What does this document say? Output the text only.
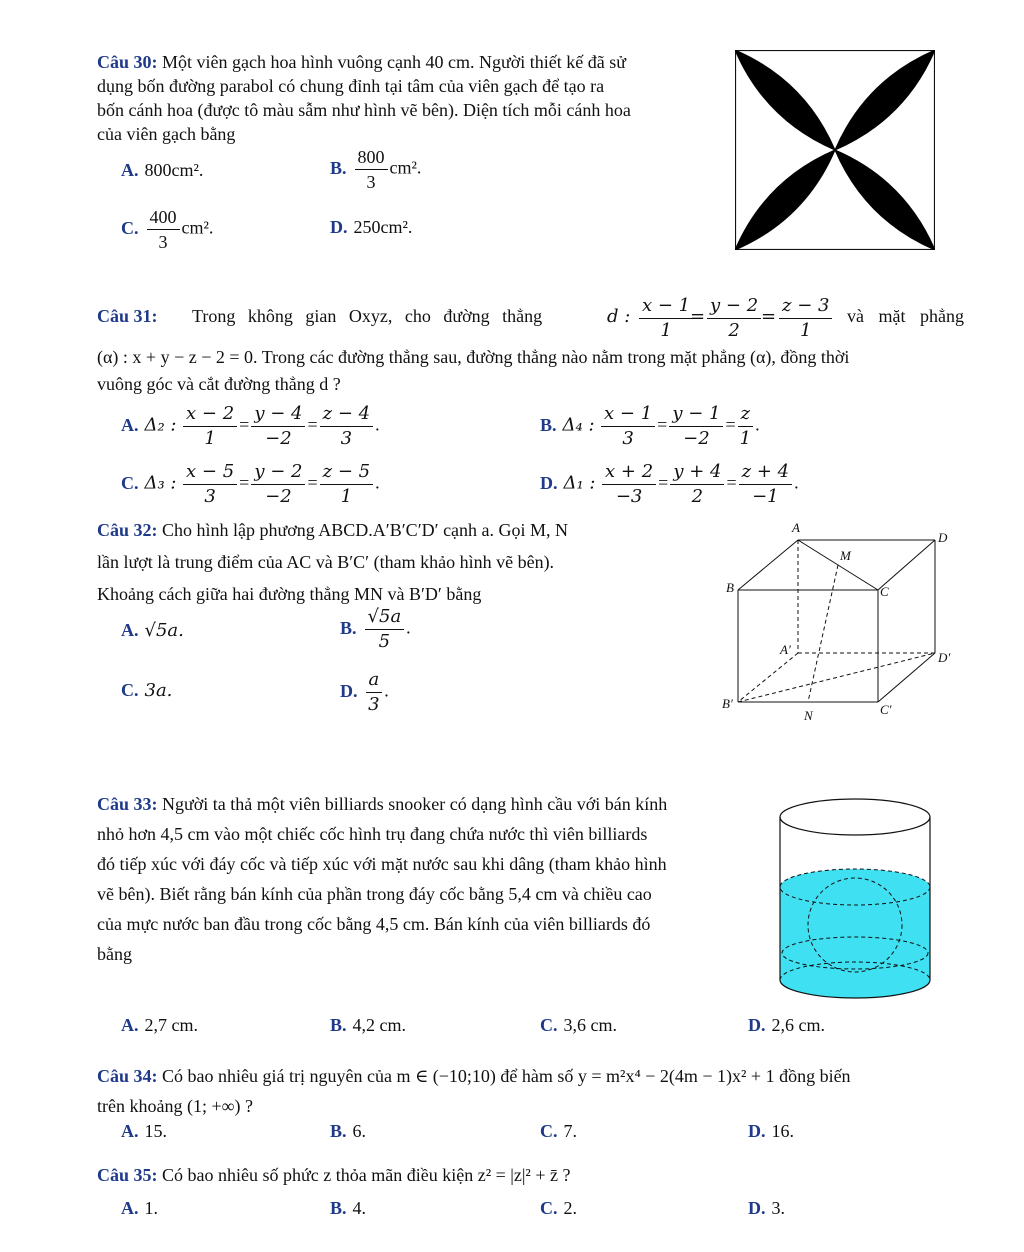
Câu 30: Một viên gạch hoa hình vuông cạnh 40 cm. Người thiết kế đã sử
dụng bốn đường parabol có chung đỉnh tại tâm của viên gạch để tạo ra
bốn cánh hoa (được tô màu sẫm như hình vẽ bên). Diện tích mỗi cánh hoa
của viên gạch bằng
A. 800cm².	B. $\frac{800}{3} cm^2$.
C. $\frac{400}{3} cm^2$.	D. 250cm².
Câu 31: Trong không gian Oxyz, cho đường thẳng	d : $\frac{x - 1}{1}$
= $\frac{y - 2}{2} = \frac{z - 3}{1}$ và mặt phẳng
(α) : x + y − z − 2 = 0. Trong các đường thẳng sau, đường thẳng nào nằm trong mặt phẳng (α), đồng thời
vuông góc và cắt đường thẳng d ?
A. Δ₂ : $\frac{x - 2}{1} = \frac{y - 4}{-2} = \frac{z - 4}{3}$ .	B. Δ₄ : $\frac{x - 1}{3} = \frac{y - 1}{-2} = \frac{z}{1}$ .
C. Δ₃ : $\frac{x - 5}{3} = \frac{y - 2}{-2} = \frac{z - 5}{1}$ .	D. Δ₁ : $\frac{x + 2}{-3} = \frac{y + 4}{2} = \frac{z + 4}{-1}$ .
Câu 32: Cho hình lập phương ABCD.A′B′C′D′ cạnh a. Gọi M, N
lần lượt là trung điểm của AC và B′C′ (tham khảo hình vẽ bên).
Khoảng cách giữa hai đường thẳng MN và B′D′ bằng
A. √5a.	B. $\frac{√5a}{5}$ .
C. 3a.	D. $\frac{a}{3}$ .
A
D
M
B	C
A′
D′
B′
N	C′
Câu 33: Người ta thả một viên billiards snooker có dạng hình cầu với bán kính
nhỏ hơn 4,5 cm vào một chiếc cốc hình trụ đang chứa nước thì viên billiards
đó tiếp xúc với đáy cốc và tiếp xúc với mặt nước sau khi dâng (tham khảo hình
vẽ bên). Biết rằng bán kính của phần trong đáy cốc bằng 5,4 cm và chiều cao
của mực nước ban đầu trong cốc bằng 4,5 cm. Bán kính của viên billiards đó
bằng
A. 2,7 cm.	B. 4,2 cm.	C. 3,6 cm.	D. 2,6 cm.
Câu 34: Có bao nhiêu giá trị nguyên của m ∈ (−10;10) để hàm số y = m²x⁴ − 2(4m − 1)x² + 1 đồng biến
trên khoảng (1; +∞) ?
A. 15.	B. 6.	C. 7.	D. 16.
Câu 35: Có bao nhiêu số phức z thỏa mãn điều kiện z² = |z|² + z̄ ?
A. 1.	B. 4.	C. 2.	D. 3.
